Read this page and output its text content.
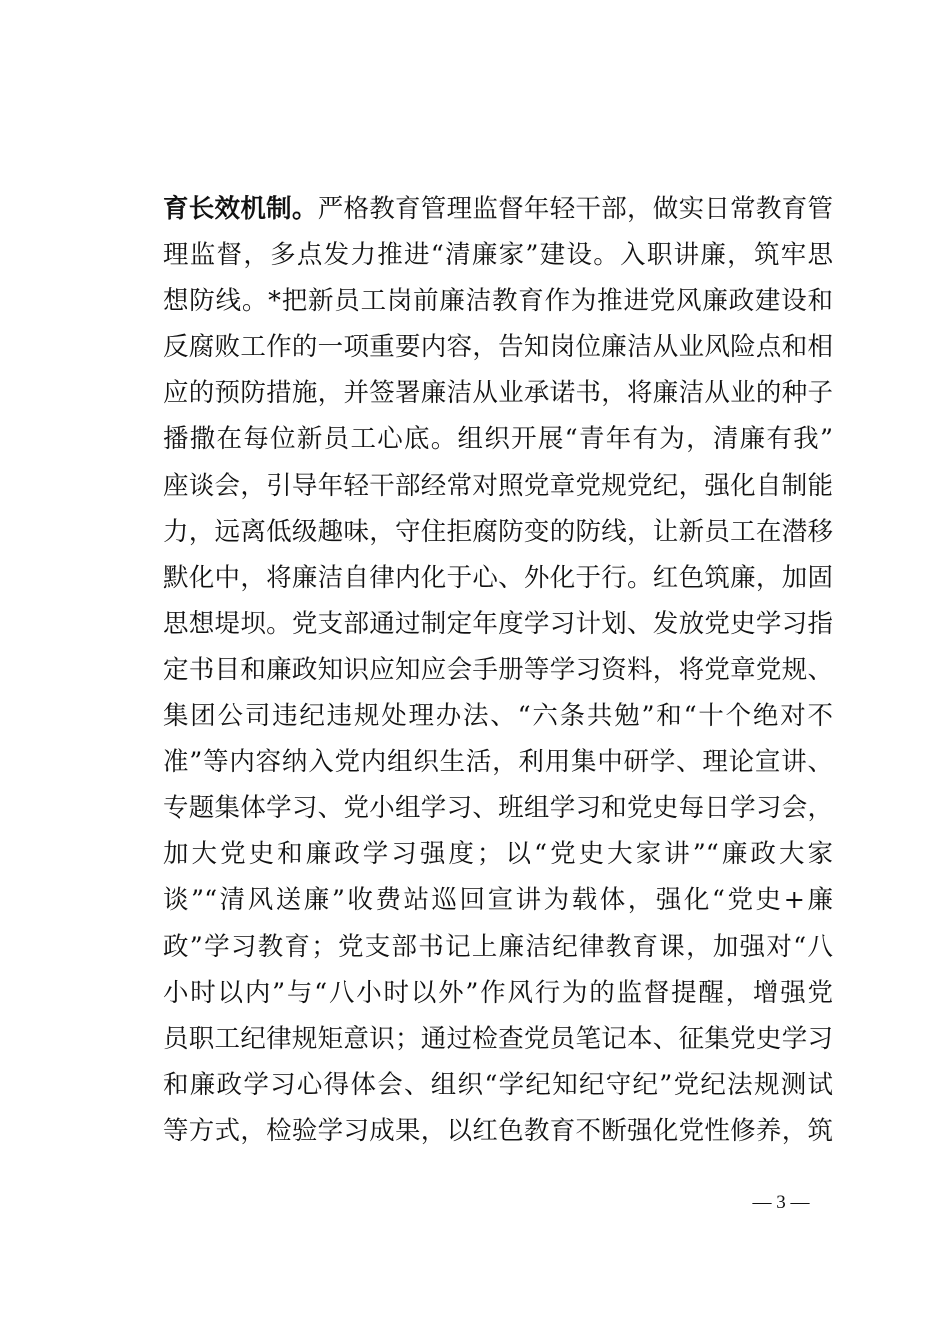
育长效机制。严格教育管理监督年轻干部，做实日常教育管
理监督，多点发力推进“清廉家”建设。入职讲廉，筑牢思
想防线。*把新员工岗前廉洁教育作为推进党风廉政建设和
反腐败工作的一项重要内容，告知岗位廉洁从业风险点和相
应的预防措施，并签署廉洁从业承诺书，将廉洁从业的种子
播撒在每位新员工心底。组织开展“青年有为，清廉有我”
座谈会，引导年轻干部经常对照党章党规党纪，强化自制能
力，远离低级趣味，守住拒腐防变的防线，让新员工在潜移
默化中，将廉洁自律内化于心、外化于行。红色筑廉，加固
思想堤坝。党支部通过制定年度学习计划、发放党史学习指
定书目和廉政知识应知应会手册等学习资料，将党章党规、
集团公司违纪违规处理办法、“六条共勉”和“十个绝对不
准”等内容纳入党内组织生活，利用集中研学、理论宣讲、
专题集体学习、党小组学习、班组学习和党史每日学习会，
加大党史和廉政学习强度；以“党史大家讲”“廉政大家
谈”“清风送廉”收费站巡回宣讲为载体，强化“党史+廉
政”学习教育；党支部书记上廉洁纪律教育课，加强对“八
小时以内”与“八小时以外”作风行为的监督提醒，增强党
员职工纪律规矩意识；通过检查党员笔记本、征集党史学习
和廉政学习心得体会、组织“学纪知纪守纪”党纪法规测试
等方式，检验学习成果，以红色教育不断强化党性修养，筑
— 3 —
